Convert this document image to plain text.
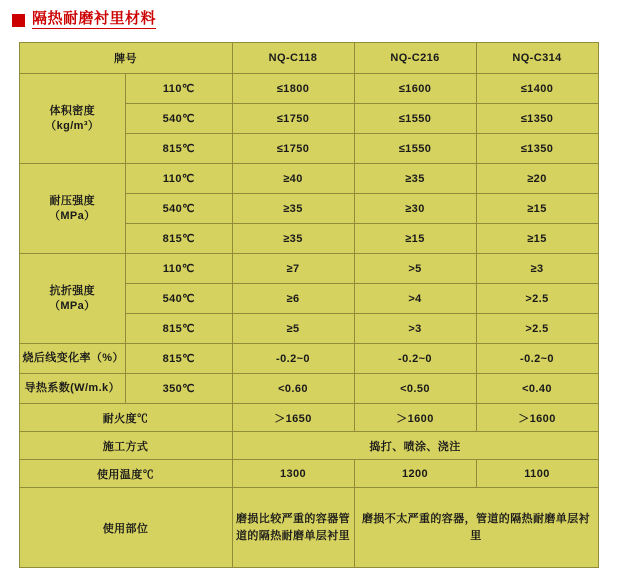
隔热耐磨衬里材料
牌号		NQ-C118	NQ-C216	NQ-C314

体积密度
（kg/m³）	110℃	≤1800	≤1600	≤1400
	540℃	≤1750	≤1550	≤1350
	815℃	≤1750	≤1550	≤1350

耐压强度
（MPa）	110℃	≥40	≥35	≥20
	540℃	≥35	≥30	≥15
	815℃	≥35	≥15	≥15

抗折强度
（MPa）	110℃	≥7	>5	≥3
	540℃	≥6	>4	>2.5
	815℃	≥5	>3	>2.5
烧后线变化率（%）	815℃	-0.2~0	-0.2~0	-0.2~0
导热系数(W/m.k）	350℃	<0.60	<0.50	<0.40
耐火度℃		＞1650	＞1600	＞1600
施工方式		捣打、喷涂、浇注		
使用温度℃		1300	1200	1100
使用部位		磨损比较严重的容器管道的隔热耐磨单层衬里	磨损不太严重的容器，管道的隔热耐磨单层衬里	
